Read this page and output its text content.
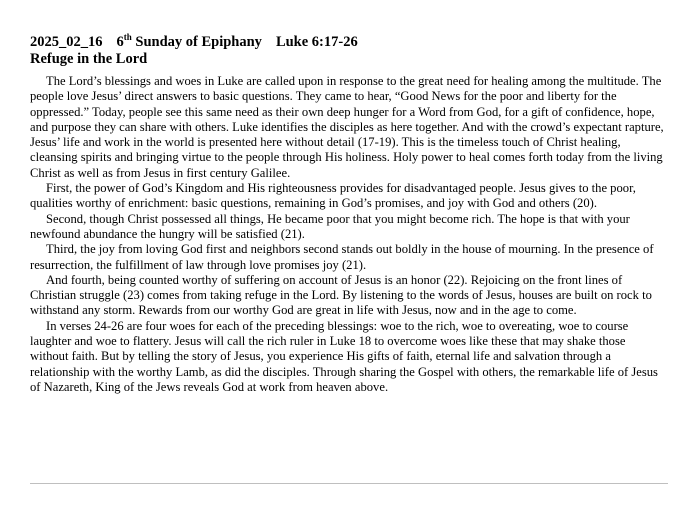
2025_02_16 6th Sunday of Epiphany Luke 6:17-26
Refuge in the Lord

The Lord’s blessings and woes in Luke are called upon in response to the great need for healing among the multitude. The people love Jesus’ direct answers to basic questions. They came to hear, “Good News for the poor and liberty for the oppressed.” Today, people see this same need as their own deep hunger for a Word from God, for a gift of confidence, hope, and purpose they can share with others. Luke identifies the disciples as here together. And with the crowd’s expectant rapture, Jesus’ life and work in the world is presented here without detail (17-19). This is the timeless touch of Christ healing, cleansing spirits and bringing virtue to the people through His holiness. Holy power to heal comes forth today from the living Christ as well as from Jesus in first century Galilee.

First, the power of God’s Kingdom and His righteousness provides for disadvantaged people. Jesus gives to the poor, qualities worthy of enrichment: basic questions, remaining in God’s promises, and joy with God and others (20).

Second, though Christ possessed all things, He became poor that you might become rich. The hope is that with your newfound abundance the hungry will be satisfied (21).

Third, the joy from loving God first and neighbors second stands out boldly in the house of mourning. In the presence of resurrection, the fulfillment of law through love promises joy (21).

And fourth, being counted worthy of suffering on account of Jesus is an honor (22). Rejoicing on the front lines of Christian struggle (23) comes from taking refuge in the Lord. By listening to the words of Jesus, houses are built on rock to withstand any storm. Rewards from our worthy God are great in life with Jesus, now and in the age to come.

In verses 24-26 are four woes for each of the preceding blessings: woe to the rich, woe to overeating, woe to course laughter and woe to flattery. Jesus will call the rich ruler in Luke 18 to overcome woes like these that may shake those without faith. But by telling the story of Jesus, you experience His gifts of faith, eternal life and salvation through a relationship with the worthy Lamb, as did the disciples. Through sharing the Gospel with others, the remarkable life of Jesus of Nazareth, King of the Jews reveals God at work from heaven above.
